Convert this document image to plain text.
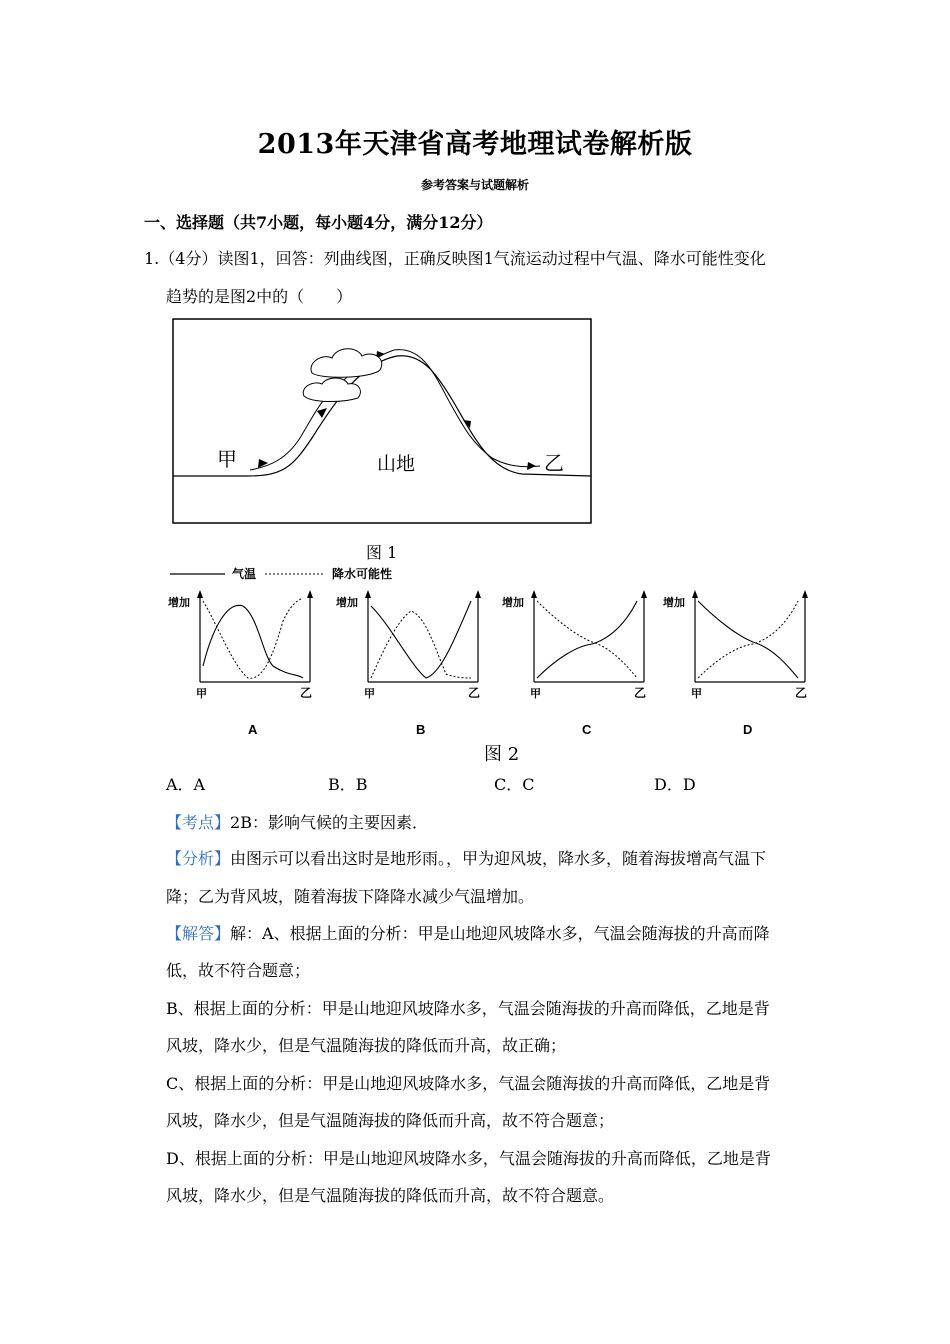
2013年天津省高考地理试卷解析版
参考答案与试题解析
一、选择题（共7小题，每小题4分，满分12分）
1.（4分）读图1，回答：列曲线图，正确反映图1气流运动过程中气温、降水可能性变化
趋势的是图2中的（　　）
甲	山地	乙
图 1
气温	降水可能性
增加
甲	乙
A
增加
甲	乙
B
增加
甲	乙
C
增加
甲	乙
D
图 2
A．A	B．B	C．C	D．D
【考点】2B：影响气候的主要因素．
【分析】由图示可以看出这时是地形雨。，甲为迎风坡，降水多，随着海拔增高气温下
降；乙为背风坡，随着海拔下降降水减少气温增加。
【解答】解：A、根据上面的分析：甲是山地迎风坡降水多，气温会随海拔的升高而降
低，故不符合题意；
B、根据上面的分析：甲是山地迎风坡降水多，气温会随海拔的升高而降低，乙地是背
风坡，降水少，但是气温随海拔的降低而升高，故正确；
C、根据上面的分析：甲是山地迎风坡降水多，气温会随海拔的升高而降低，乙地是背
风坡，降水少，但是气温随海拔的降低而升高，故不符合题意；
D、根据上面的分析：甲是山地迎风坡降水多，气温会随海拔的升高而降低，乙地是背
风坡，降水少，但是气温随海拔的降低而升高，故不符合题意。
